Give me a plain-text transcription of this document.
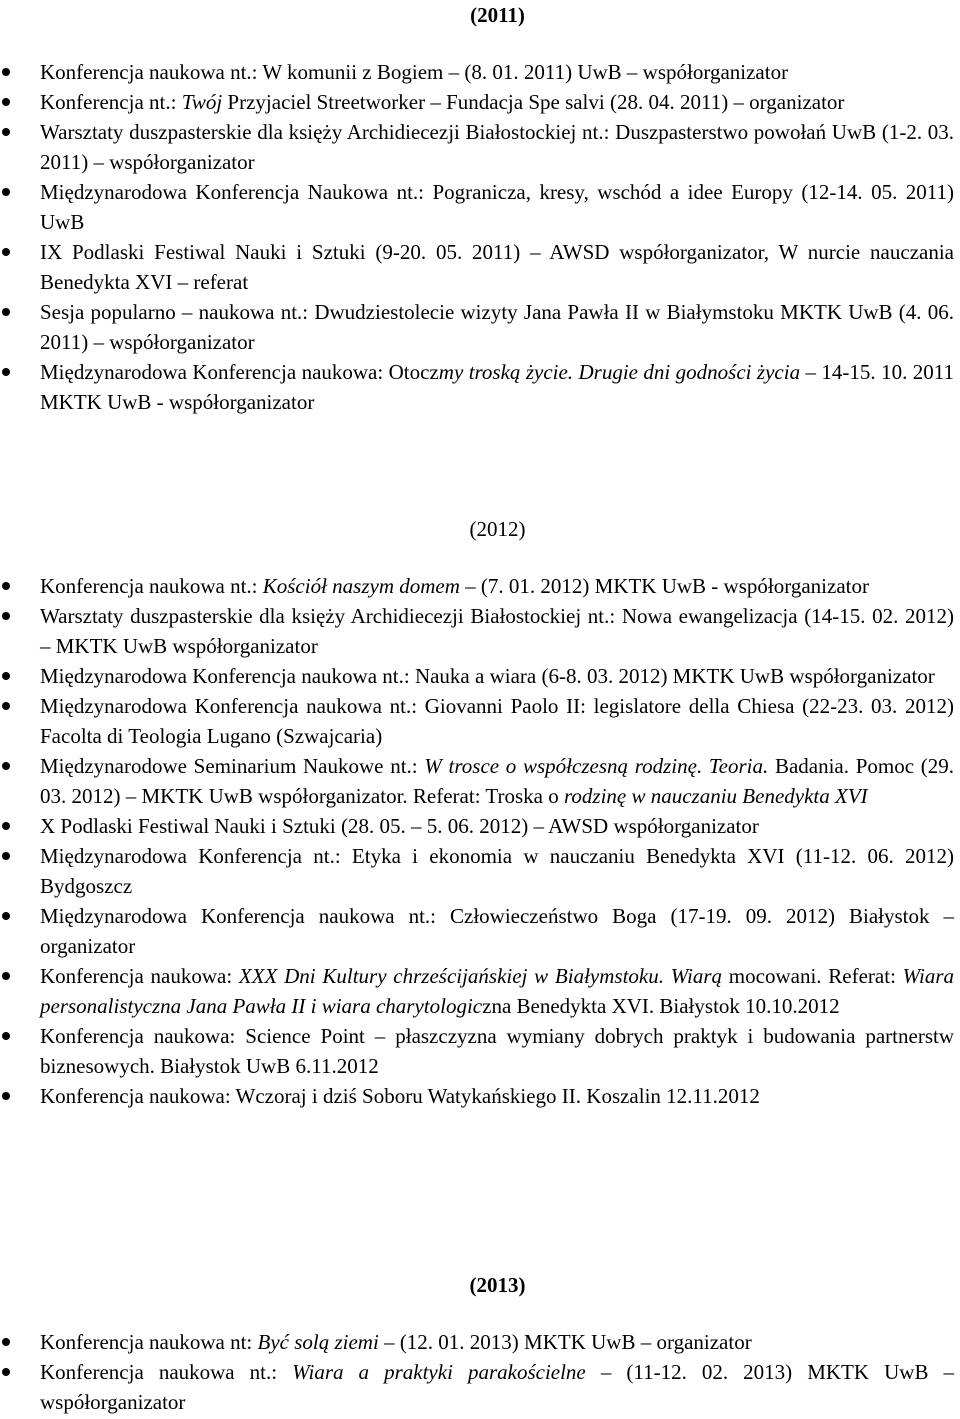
(2011)
Konferencja naukowa nt.: W komunii z Bogiem – (8. 01. 2011) UwB – współorganizator
Konferencja nt.: Twój Przyjaciel Streetworker – Fundacja Spe salvi (28. 04. 2011) – organizator
Warsztaty duszpasterskie dla księży Archidiecezji Białostockiej nt.: Duszpasterstwo powołań UwB (1-2. 03. 2011) – współorganizator
Międzynarodowa Konferencja Naukowa nt.: Pogranicza, kresy, wschód a idee Europy (12-14. 05. 2011) UwB
IX Podlaski Festiwal Nauki i Sztuki (9-20. 05. 2011) – AWSD współorganizator, W nurcie nauczania Benedykta XVI – referat
Sesja popularno – naukowa nt.: Dwudziestolecie wizyty Jana Pawła II w Białymstoku MKTK UwB (4. 06. 2011) – współorganizator
Międzynarodowa Konferencja naukowa: Otoczmy troską życie. Drugie dni godności życia – 14-15. 10. 2011 MKTK UwB - współorganizator
(2012)
Konferencja naukowa nt.: Kościół naszym domem – (7. 01. 2012) MKTK UwB - współorganizator
Warsztaty duszpasterskie dla księży Archidiecezji Białostockiej nt.: Nowa ewangelizacja (14-15. 02. 2012) – MKTK UwB współorganizator
Międzynarodowa Konferencja naukowa nt.: Nauka a wiara (6-8. 03. 2012) MKTK UwB współorganizator
Międzynarodowa Konferencja naukowa nt.: Giovanni Paolo II: legislatore della Chiesa (22-23. 03. 2012) Facolta di Teologia Lugano (Szwajcaria)
Międzynarodowe Seminarium Naukowe nt.: W trosce o współczesną rodzinę. Teoria. Badania. Pomoc (29. 03. 2012) – MKTK UwB współorganizator. Referat: Troska o rodzinę w nauczaniu Benedykta XVI
X Podlaski Festiwal Nauki i Sztuki (28. 05. – 5. 06. 2012) – AWSD współorganizator
Międzynarodowa Konferencja nt.: Etyka i ekonomia w nauczaniu Benedykta XVI (11-12. 06. 2012) Bydgoszcz
Międzynarodowa Konferencja naukowa nt.: Człowieczeństwo Boga (17-19. 09. 2012) Białystok – organizator
Konferencja naukowa: XXX Dni Kultury chrześcijańskiej w Białymstoku. Wiarą mocowani. Referat: Wiara personalistyczna Jana Pawła II i wiara charytologiczna Benedykta XVI. Białystok 10.10.2012
Konferencja naukowa: Science Point – płaszczyzna wymiany dobrych praktyk i budowania partnerstw biznesowych. Białystok UwB 6.11.2012
Konferencja naukowa: Wczoraj i dziś Soboru Watykańskiego II. Koszalin 12.11.2012
(2013)
Konferencja naukowa nt: Być solą ziemi – (12. 01. 2013) MKTK UwB – organizator
Konferencja naukowa nt.: Wiara a praktyki parakościelne – (11-12. 02. 2013) MKTK UwB – współorganizator
